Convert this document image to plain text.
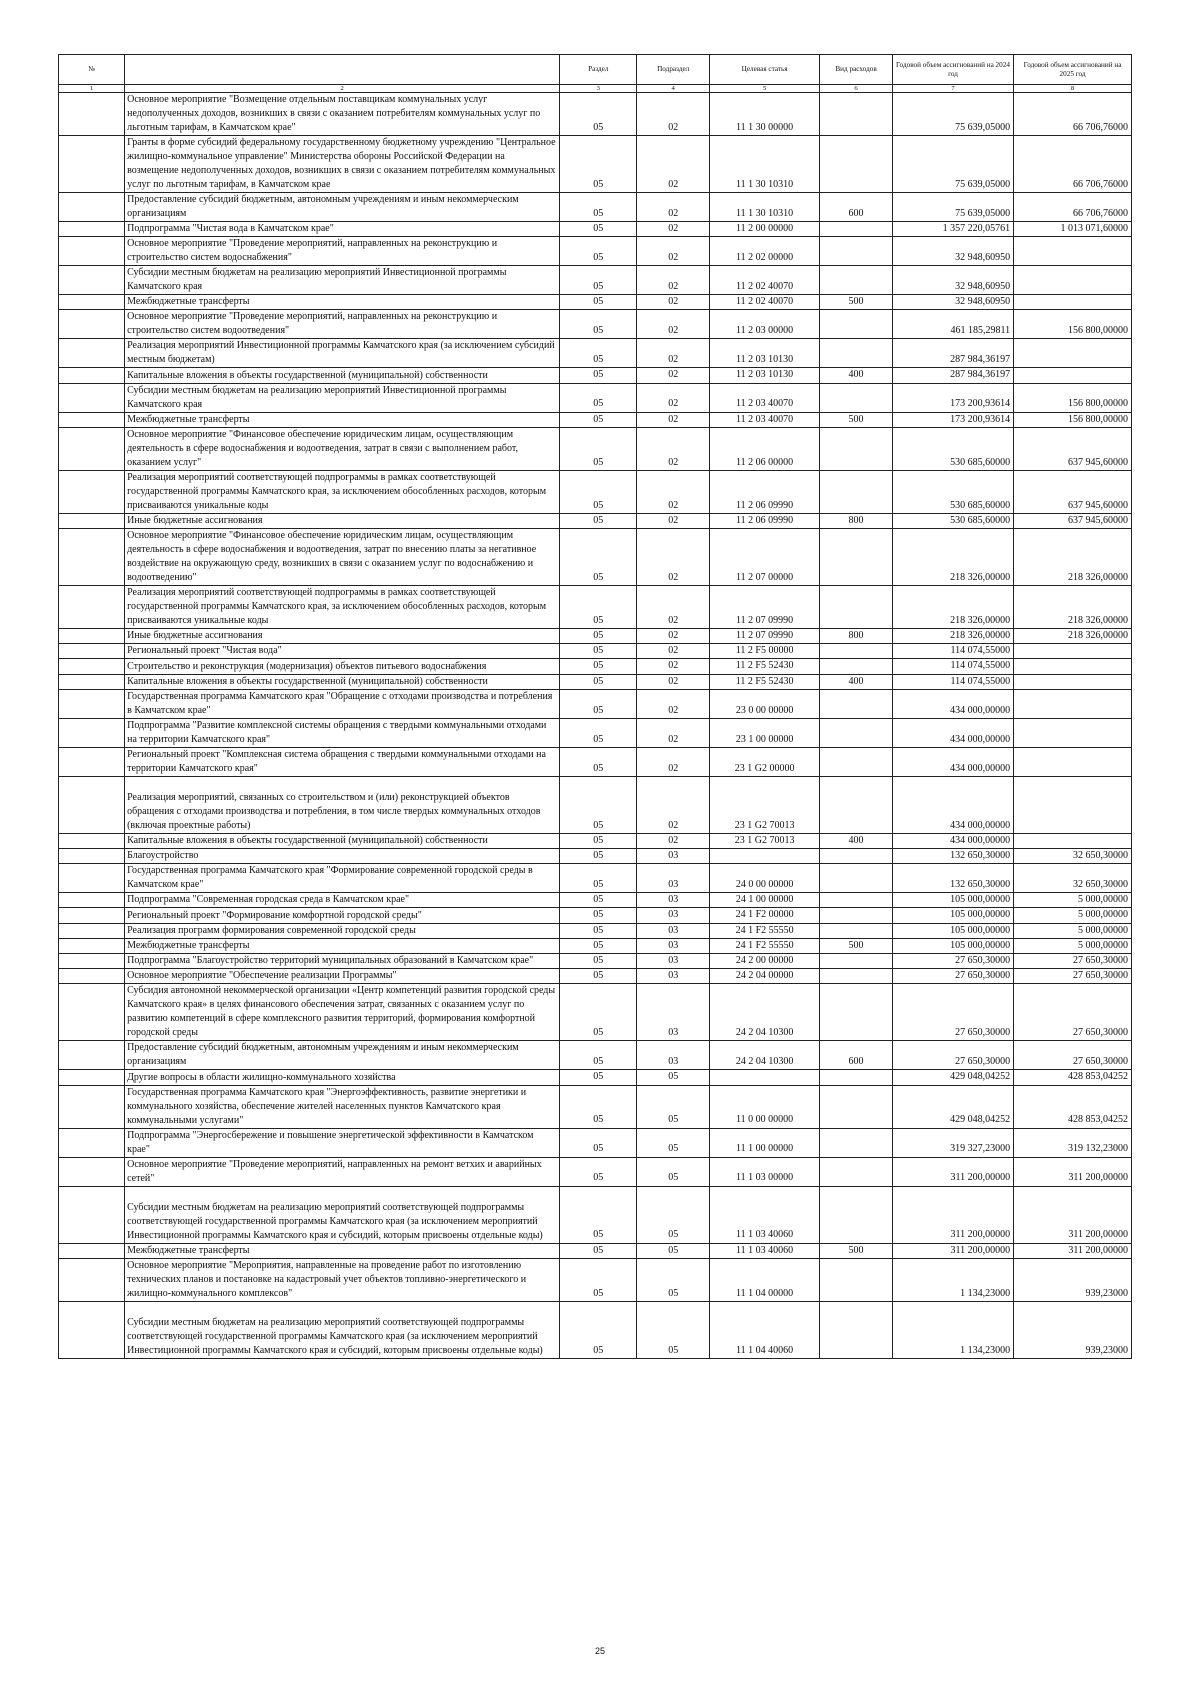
№		Раздел	Подраздел	Целевая статья	Вид расходов	Годовой объем ассигнований на 2024 год	Годовой объем ассигнований на 2025 год
1	2	3	4	5	6	7	8
	Основное мероприятие "Возмещение отдельным поставщикам коммунальных услуг недополученных доходов, возникших в связи с оказанием потребителям коммунальных услуг по льготным тарифам, в Камчатском крае"	05	02	11 1 30 00000		75 639,05000	66 706,76000
	Гранты в форме субсидий федеральному государственному бюджетному учреждению "Центральное жилищно-коммунальное управление" Министерства обороны Российской Федерации на возмещение недополученных доходов, возникших в связи с оказанием потребителям коммунальных услуг по льготным тарифам, в Камчатском крае	05	02	11 1 30 10310		75 639,05000	66 706,76000
	Предоставление субсидий бюджетным, автономным учреждениям и иным некоммерческим организациям	05	02	11 1 30 10310	600	75 639,05000	66 706,76000
	Подпрограмма "Чистая вода в Камчатском крае"	05	02	11 2 00 00000		1 357 220,05761	1 013 071,60000
	Основное мероприятие "Проведение мероприятий, направленных на реконструкцию и строительство систем водоснабжения"	05	02	11 2 02 00000		32 948,60950	
	Субсидии местным бюджетам на реализацию мероприятий Инвестиционной программы Камчатского края	05	02	11 2 02 40070		32 948,60950	
	Межбюджетные трансферты	05	02	11 2 02 40070	500	32 948,60950	
	Основное мероприятие "Проведение мероприятий, направленных на реконструкцию и строительство систем водоотведения"	05	02	11 2 03 00000		461 185,29811	156 800,00000
	Реализация мероприятий Инвестиционной программы Камчатского края (за исключением субсидий местным бюджетам)	05	02	11 2 03 10130		287 984,36197	
	Капитальные вложения в объекты государственной (муниципальной) собственности	05	02	11 2 03 10130	400	287 984,36197	
	Субсидии местным бюджетам на реализацию мероприятий Инвестиционной программы Камчатского края	05	02	11 2 03 40070		173 200,93614	156 800,00000
	Межбюджетные трансферты	05	02	11 2 03 40070	500	173 200,93614	156 800,00000
	Основное мероприятие "Финансовое обеспечение юридическим лицам, осуществляющим деятельность в сфере водоснабжения и водоотведения, затрат в связи с выполнением работ, оказанием услуг"	05	02	11 2 06 00000		530 685,60000	637 945,60000
	Реализация мероприятий соответствующей подпрограммы в рамках соответствующей государственной программы Камчатского края, за исключением обособленных расходов, которым присваиваются уникальные коды	05	02	11 2 06 09990		530 685,60000	637 945,60000
	Иные бюджетные ассигнования	05	02	11 2 06 09990	800	530 685,60000	637 945,60000
	Основное мероприятие "Финансовое обеспечение юридическим лицам, осуществляющим деятельность в сфере водоснабжения и водоотведения, затрат по внесению платы за негативное воздействие на окружающую среду, возникших в связи с оказанием услуг по водоснабжению и водоотведению"	05	02	11 2 07 00000		218 326,00000	218 326,00000
	Реализация мероприятий соответствующей подпрограммы в рамках соответствующей государственной программы Камчатского края, за исключением обособленных расходов, которым присваиваются уникальные коды	05	02	11 2 07 09990		218 326,00000	218 326,00000
	Иные бюджетные ассигнования	05	02	11 2 07 09990	800	218 326,00000	218 326,00000
	Региональный проект "Чистая вода"	05	02	11 2 F5 00000		114 074,55000	
	Строительство и реконструкция (модернизация) объектов питьевого водоснабжения	05	02	11 2 F5 52430		114 074,55000	
	Капитальные вложения в объекты государственной (муниципальной) собственности	05	02	11 2 F5 52430	400	114 074,55000	
	Государственная программа Камчатского края "Обращение с отходами производства и потребления в Камчатском крае"	05	02	23 0 00 00000		434 000,00000	
	Подпрограмма "Развитие комплексной системы обращения с твердыми коммунальными отходами на территории Камчатского края"	05	02	23 1 00 00000		434 000,00000	
	Региональный проект "Комплексная система обращения с твердыми коммунальными отходами на территории Камчатского края"	05	02	23 1 G2 00000		434 000,00000	
	Реализация мероприятий, связанных со строительством и (или) реконструкцией объектов обращения с отходами производства и потребления, в том числе твердых коммунальных отходов (включая проектные работы)	05	02	23 1 G2 70013		434 000,00000	
	Капитальные вложения в объекты государственной (муниципальной) собственности	05	02	23 1 G2 70013	400	434 000,00000	
	Благоустройство	05	03			132 650,30000	32 650,30000
	Государственная программа Камчатского края "Формирование современной городской среды в Камчатском крае"	05	03	24 0 00 00000		132 650,30000	32 650,30000
	Подпрограмма "Современная городская среда в Камчатском крае"	05	03	24 1 00 00000		105 000,00000	5 000,00000
	Региональный проект "Формирование комфортной городской среды"	05	03	24 1 F2 00000		105 000,00000	5 000,00000
	Реализация программ формирования современной городской среды	05	03	24 1 F2 55550		105 000,00000	5 000,00000
	Межбюджетные трансферты	05	03	24 1 F2 55550	500	105 000,00000	5 000,00000
	Подпрограмма "Благоустройство территорий муниципальных образований в Камчатском крае"	05	03	24 2 00 00000		27 650,30000	27 650,30000
	Основное мероприятие "Обеспечение реализации Программы"	05	03	24 2 04 00000		27 650,30000	27 650,30000
	Субсидия автономной некоммерческой организации «Центр компетенций развития городской среды Камчатского края» в целях финансового обеспечения затрат, связанных с оказанием услуг по развитию компетенций в сфере комплексного развития территорий, формирования комфортной городской среды	05	03	24 2 04 10300		27 650,30000	27 650,30000
	Предоставление субсидий бюджетным, автономным учреждениям и иным некоммерческим организациям	05	03	24 2 04 10300	600	27 650,30000	27 650,30000
	Другие вопросы в области жилищно-коммунального хозяйства	05	05			429 048,04252	428 853,04252
	Государственная программа Камчатского края "Энергоэффективность, развитие энергетики и коммунального хозяйства, обеспечение жителей населенных пунктов Камчатского края коммунальными услугами"	05	05	11 0 00 00000		429 048,04252	428 853,04252
	Подпрограмма "Энергосбережение и повышение энергетической эффективности в Камчатском крае"	05	05	11 1 00 00000		319 327,23000	319 132,23000
	Основное мероприятие "Проведение мероприятий, направленных на ремонт ветхих и аварийных сетей"	05	05	11 1 03 00000		311 200,00000	311 200,00000
	Субсидии местным бюджетам на реализацию мероприятий соответствующей подпрограммы соответствующей государственной программы Камчатского края (за исключением мероприятий Инвестиционной программы Камчатского края и субсидий, которым присвоены отдельные коды)	05	05	11 1 03 40060		311 200,00000	311 200,00000
	Межбюджетные трансферты	05	05	11 1 03 40060	500	311 200,00000	311 200,00000
	Основное мероприятие "Мероприятия, направленные на проведение работ по изготовлению технических планов и постановке на кадастровый учет объектов топливно-энергетического и жилищно-коммунального комплексов"	05	05	11 1 04 00000		1 134,23000	939,23000
	Субсидии местным бюджетам на реализацию мероприятий соответствующей подпрограммы соответствующей государственной программы Камчатского края (за исключением мероприятий Инвестиционной программы Камчатского края и субсидий, которым присвоены отдельные коды)	05	05	11 1 04 40060		1 134,23000	939,23000
25
